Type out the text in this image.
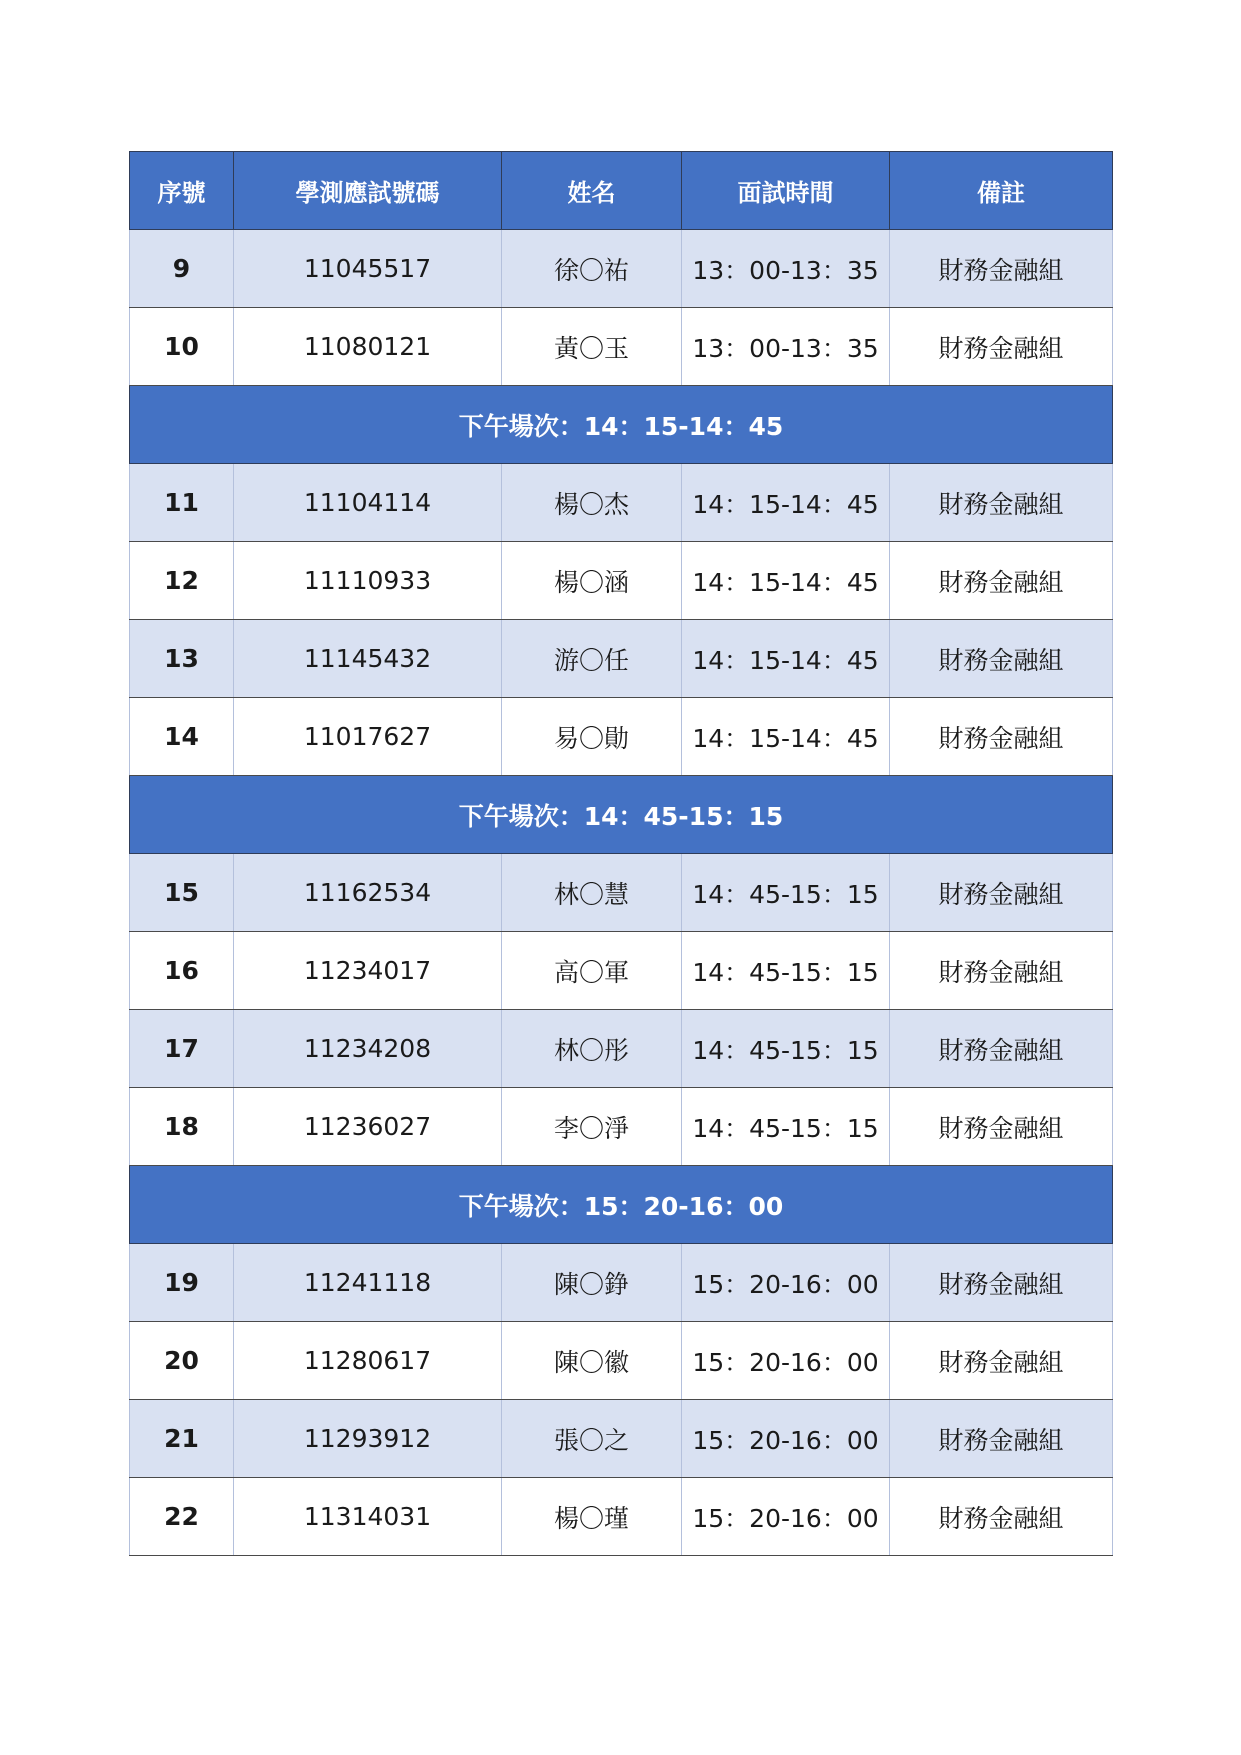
序號	學測應試號碼	姓名	面試時間	備註
9	11045517	徐〇祐	13：00-13：35	財務金融組
10	11080121	黃〇玉	13：00-13：35	財務金融組
下午場次：14：15-14：45				
11	11104114	楊〇杰	14：15-14：45	財務金融組
12	11110933	楊〇涵	14：15-14：45	財務金融組
13	11145432	游〇任	14：15-14：45	財務金融組
14	11017627	易〇勛	14：15-14：45	財務金融組
下午場次：14：45-15：15				
15	11162534	林〇慧	14：45-15：15	財務金融組
16	11234017	高〇軍	14：45-15：15	財務金融組
17	11234208	林〇彤	14：45-15：15	財務金融組
18	11236027	李〇淨	14：45-15：15	財務金融組
下午場次：15：20-16：00				
19	11241118	陳〇錚	15：20-16：00	財務金融組
20	11280617	陳〇徽	15：20-16：00	財務金融組
21	11293912	張〇之	15：20-16：00	財務金融組
22	11314031	楊〇瑾	15：20-16：00	財務金融組
